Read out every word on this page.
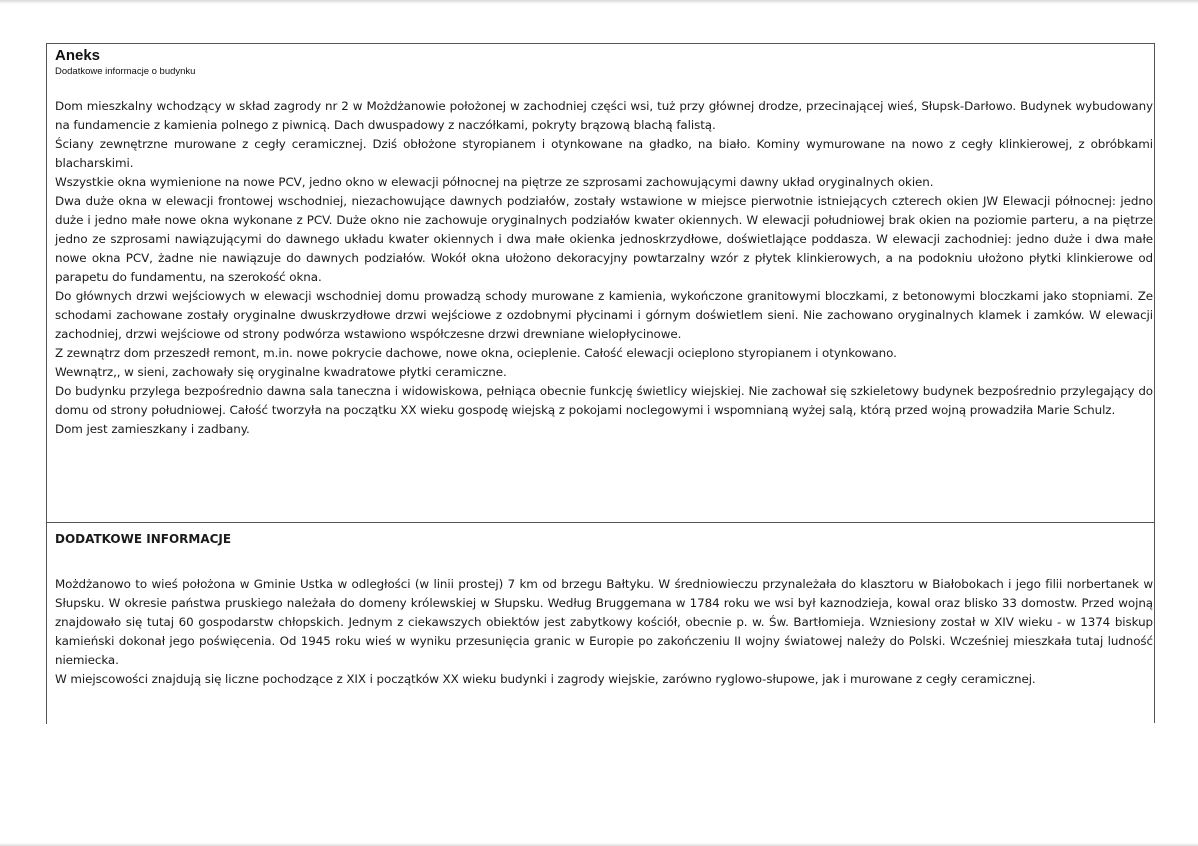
Aneks
Dodatkowe informacje o budynku

Dom mieszkalny wchodzący w skład zagrody nr 2 w Możdżanowie położonej w zachodniej części wsi, tuż przy głównej drodze, przecinającej wieś, Słupsk-Darłowo. Budynek wybudowany na fundamencie z kamienia polnego z piwnicą. Dach dwuspadowy z naczółkami, pokryty brązową blachą falistą.

Ściany zewnętrzne murowane z cegły ceramicznej. Dziś obłożone styropianem i otynkowane na gładko, na biało. Kominy wymurowane na nowo z cegły klinkierowej, z obróbkami blacharskimi.

Wszystkie okna wymienione na nowe PCV, jedno okno w elewacji północnej na piętrze ze szprosami zachowującymi dawny układ oryginalnych okien.

Dwa duże okna w elewacji frontowej wschodniej, niezachowujące dawnych podziałów, zostały wstawione w miejsce pierwotnie istniejących czterech okien JW Elewacji północnej: jedno duże i jedno małe nowe okna wykonane z PCV. Duże okno nie zachowuje oryginalnych podziałów kwater okiennych. W elewacji południowej brak okien na poziomie parteru, a na piętrze jedno ze szprosami nawiązującymi do dawnego układu kwater okiennych i dwa małe okienka jednoskrzydłowe, doświetlające poddasza. W elewacji zachodniej: jedno duże i dwa małe nowe okna PCV, żadne nie nawiązuje do dawnych podziałów. Wokół okna ułożono dekoracyjny powtarzalny wzór z płytek klinkierowych, a na podokniu ułożono płytki klinkierowe od parapetu do fundamentu, na szerokość okna.

Do głównych drzwi wejściowych w elewacji wschodniej domu prowadzą schody murowane z kamienia, wykończone granitowymi bloczkami, z betonowymi bloczkami jako stopniami. Ze schodami zachowane zostały oryginalne dwuskrzydłowe drzwi wejściowe z ozdobnymi płycinami i górnym doświetlem sieni. Nie zachowano oryginalnych klamek i zamków. W elewacji zachodniej, drzwi wejściowe od strony podwórza wstawiono współczesne drzwi drewniane wielopłycinowe.

Z zewnątrz dom przeszedł remont, m.in. nowe pokrycie dachowe, nowe okna, ocieplenie. Całość elewacji ocieplono styropianem i otynkowano.

Wewnątrz,, w sieni, zachowały się oryginalne kwadratowe płytki ceramiczne.

Do budynku przylega bezpośrednio dawna sala taneczna i widowiskowa, pełniąca obecnie funkcję świetlicy wiejskiej. Nie zachował się szkieletowy budynek bezpośrednio przylegający do domu od strony południowej. Całość tworzyła na początku XX wieku gospodę wiejską z pokojami noclegowymi i wspomnianą wyżej salą, którą przed wojną prowadziła Marie Schulz.

Dom jest zamieszkany i zadbany.

DODATKOWE INFORMACJE

Możdżanowo to wieś położona w Gminie Ustka w odległości (w linii prostej) 7 km od brzegu Bałtyku. W średniowieczu przynależała do klasztoru w Białobokach i jego filii norbertanek w Słupsku. W okresie państwa pruskiego należała do domeny królewskiej w Słupsku. Według Bruggemana w 1784 roku we wsi był kaznodzieja, kowal oraz blisko 33 domostw. Przed wojną znajdowało się tutaj 60 gospodarstw chłopskich. Jednym z ciekawszych obiektów jest zabytkowy kościół, obecnie p. w. Św. Bartłomieja. Wzniesiony został w XIV wieku - w 1374 biskup kamieński dokonał jego poświęcenia. Od 1945 roku wieś w wyniku przesunięcia granic w Europie po zakończeniu II wojny światowej należy do Polski. Wcześniej mieszkała tutaj ludność niemiecka.

W miejscowości znajdują się liczne pochodzące z XIX i początków XX wieku budynki i zagrody wiejskie, zarówno ryglowo-słupowe, jak i murowane z cegły ceramicznej.
